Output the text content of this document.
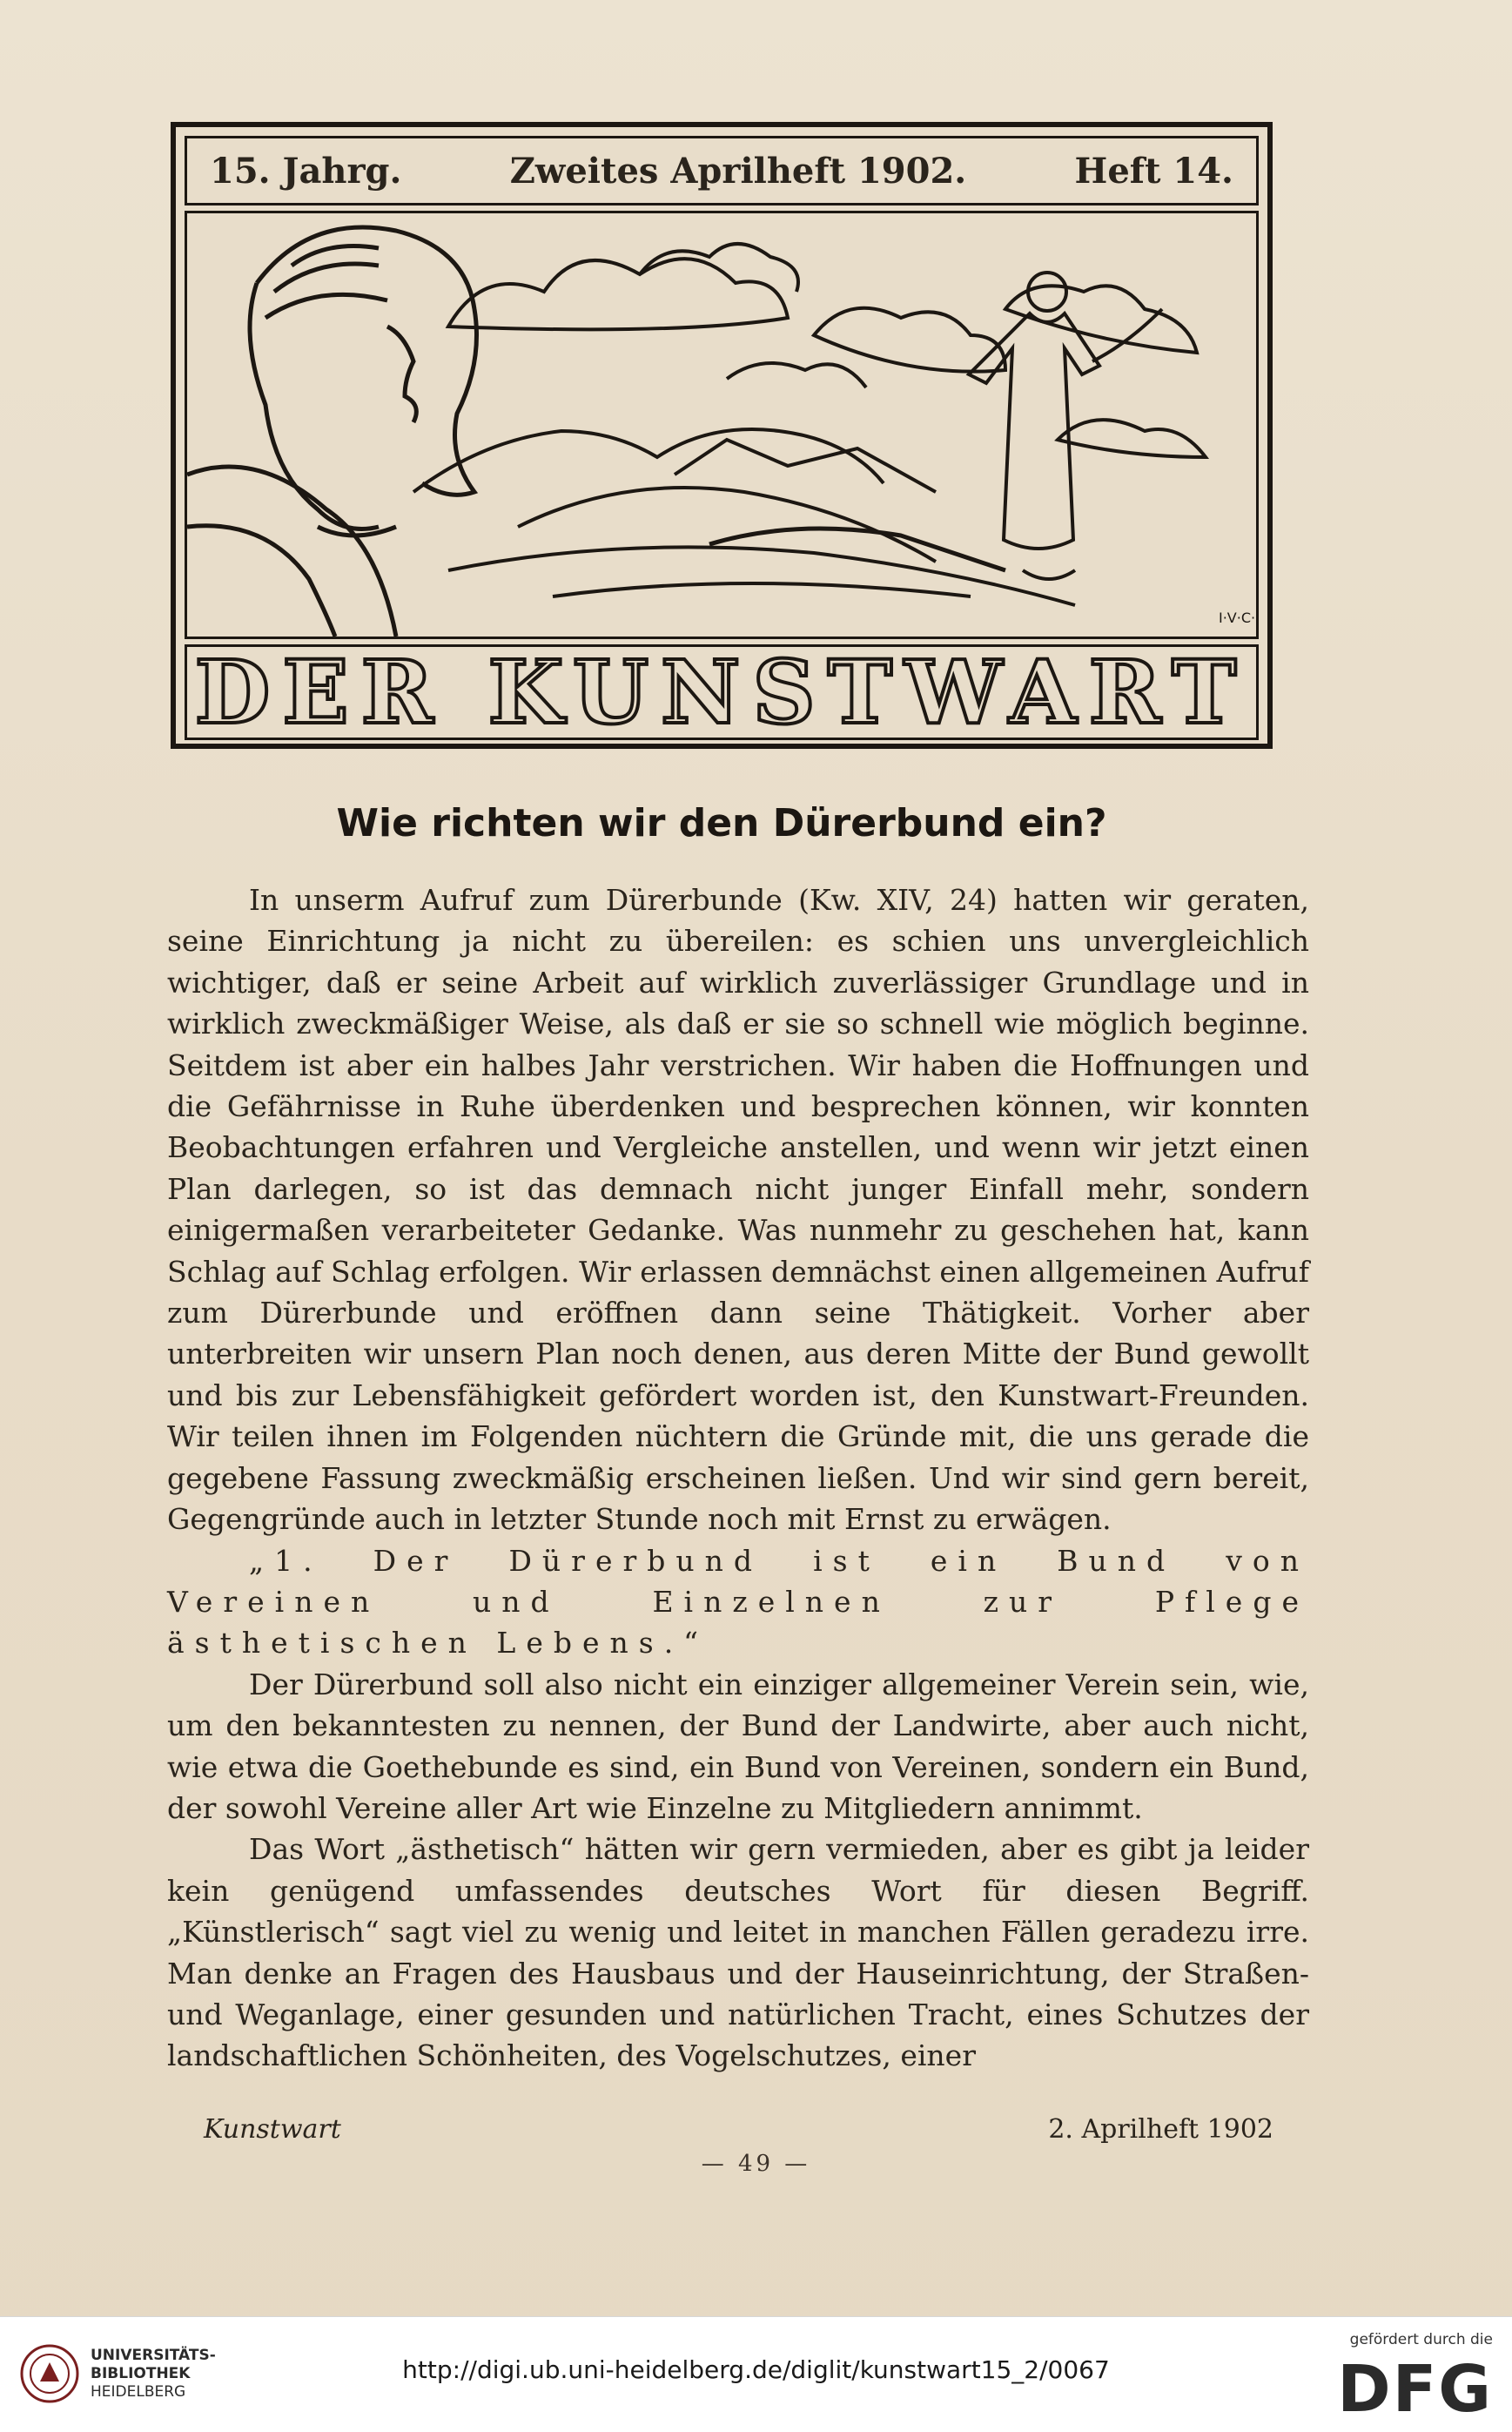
15. Jahrg.	Zweites Aprilheft 1902.	Heft 14.
I·V·C·
DER KUNSTWART
Wie richten wir den Dürerbund ein?

In unserm Aufruf zum Dürerbunde (Kw. XIV, 24) hatten wir geraten, seine Einrichtung ja nicht zu übereilen: es schien uns unvergleichlich wichtiger, daß er seine Arbeit auf wirklich zuverlässiger Grundlage und in wirklich zweckmäßiger Weise, als daß er sie so schnell wie möglich beginne. Seitdem ist aber ein halbes Jahr verstrichen. Wir haben die Hoffnungen und die Gefährnisse in Ruhe überdenken und besprechen können, wir konnten Beobachtungen erfahren und Vergleiche anstellen, und wenn wir jetzt einen Plan darlegen, so ist das demnach nicht junger Einfall mehr, sondern einigermaßen verarbeiteter Gedanke. Was nunmehr zu geschehen hat, kann Schlag auf Schlag erfolgen. Wir erlassen demnächst einen allgemeinen Aufruf zum Dürerbunde und eröffnen dann seine Thätigkeit. Vorher aber unterbreiten wir unsern Plan noch denen, aus deren Mitte der Bund gewollt und bis zur Lebensfähigkeit gefördert worden ist, den Kunstwart-Freunden. Wir teilen ihnen im Folgenden nüchtern die Gründe mit, die uns gerade die gegebene Fassung zweckmäßig erscheinen ließen. Und wir sind gern bereit, Gegengründe auch in letzter Stunde noch mit Ernst zu erwägen.

„1. Der Dürerbund ist ein Bund von Vereinen und Einzelnen zur Pflege ästhetischen Lebens.“

Der Dürerbund soll also nicht ein einziger allgemeiner Verein sein, wie, um den bekanntesten zu nennen, der Bund der Landwirte, aber auch nicht, wie etwa die Goethebunde es sind, ein Bund von Vereinen, sondern ein Bund, der sowohl Vereine aller Art wie Einzelne zu Mitgliedern annimmt.

Das Wort „ästhetisch“ hätten wir gern vermieden, aber es gibt ja leider kein genügend umfassendes deutsches Wort für diesen Begriff. „Künstlerisch“ sagt viel zu wenig und leitet in manchen Fällen geradezu irre. Man denke an Fragen des Hausbaus und der Hauseinrichtung, der Straßen- und Weganlage, einer gesunden und natürlichen Tracht, eines Schutzes der landschaftlichen Schönheiten, des Vogelschutzes, einer

Kunstwart	2. Aprilheft 1902
— 49 —
UNIVERSITÄTS-
BIBLIOTHEK
HEIDELBERG
http://digi.ub.uni-heidelberg.de/diglit/kunstwart15_2/0067
gefördert durch die
DFG
